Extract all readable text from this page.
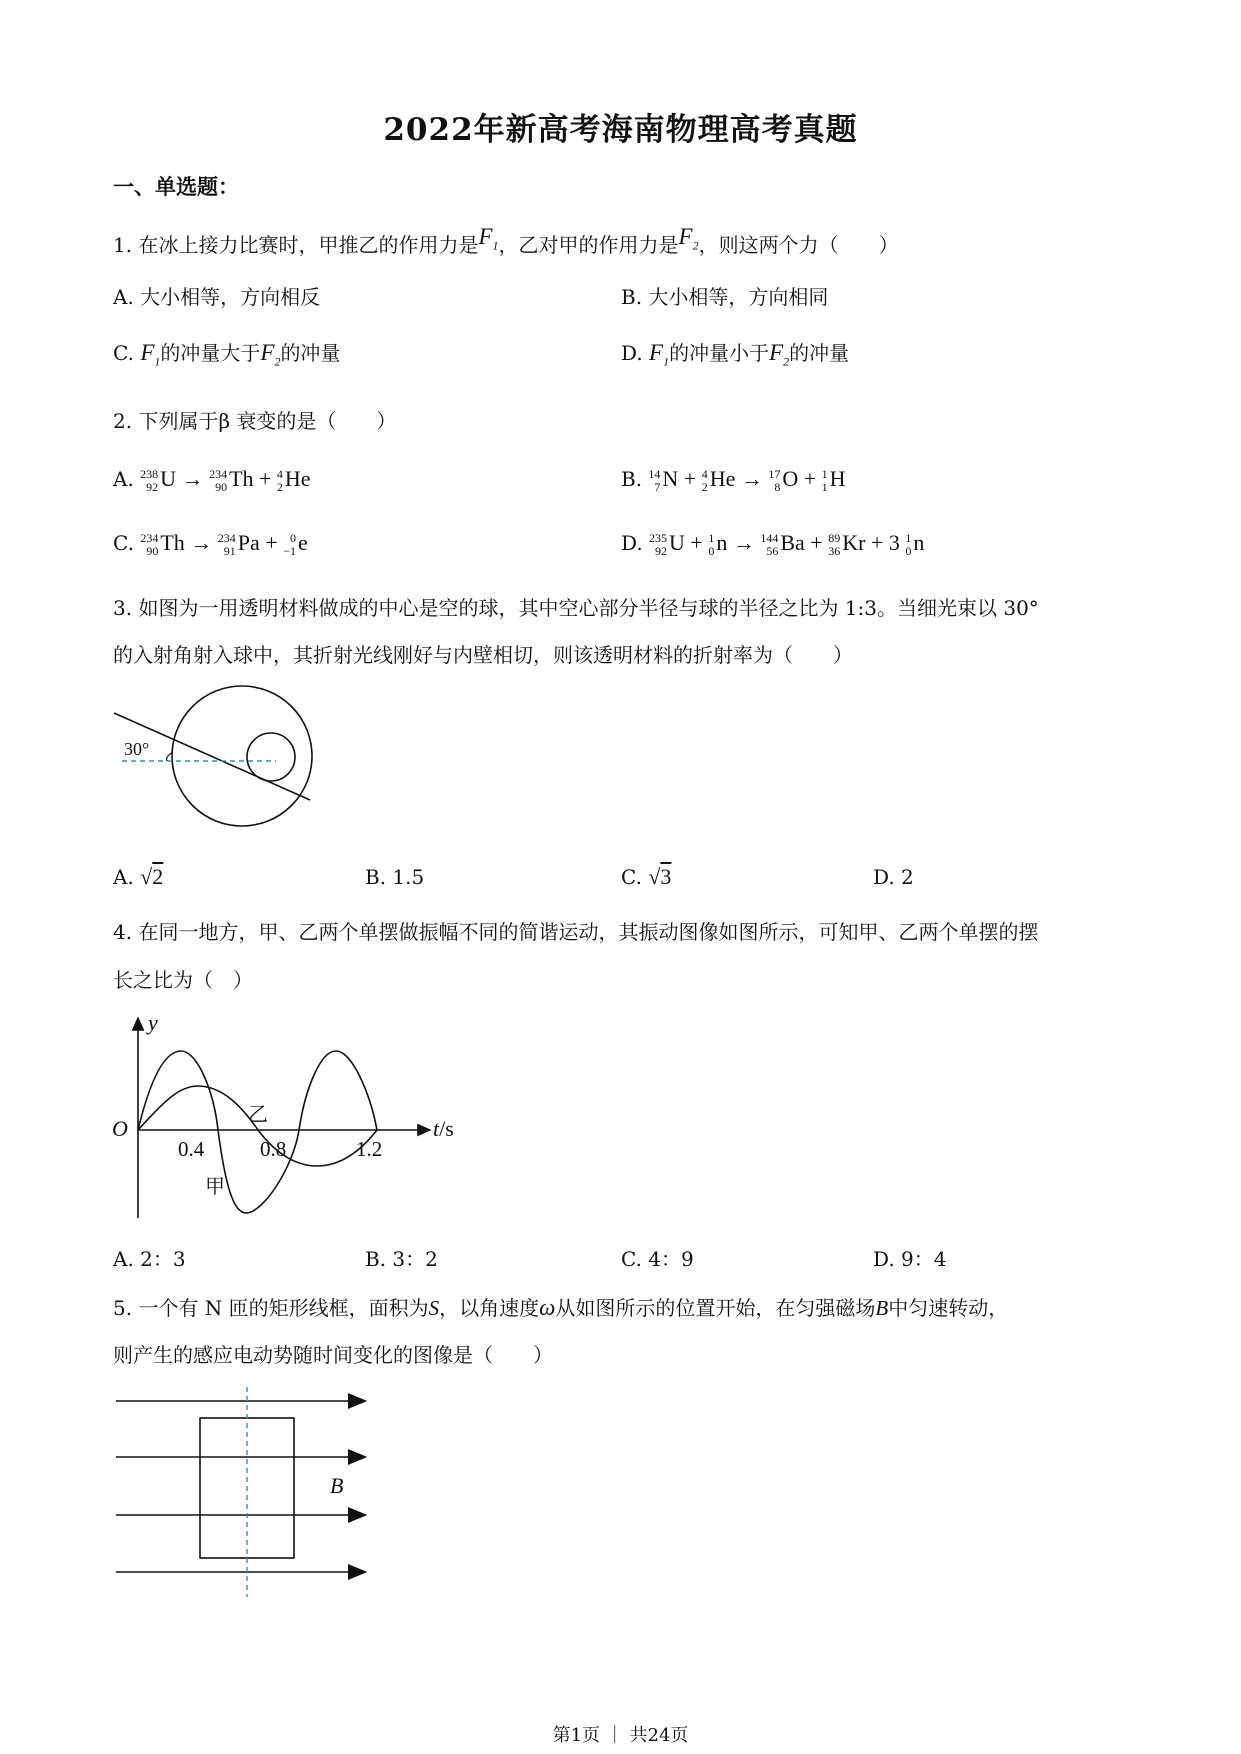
2022年新高考海南物理高考真题
一、单选题：
1. 在冰上接力比赛时，甲推乙的作用力是$F_1$，乙对甲的作用力是$F_2$，则这两个力（　　）
A. 大小相等，方向相反	B. 大小相等，方向相同
C. $F_1$的冲量大于$F_2$的冲量	D. $F_1$的冲量小于$F_2$的冲量
2. 下列属于β 衰变的是（　　）
A. 238
92 U → 234
90 Th + 4
2 He	B. 14
7 N + 4
2 He → 17
8 O + 1
1 H
C. 234
90 Th → 234
91 Pa +	0
−1 e	D. 235
92 U + 1
0 n → 144
56 Ba + 89
36 Kr + 3 1
0 n
3. 如图为一用透明材料做成的中心是空的球，其中空心部分半径与球的半径之比为 1:3。当细光束以 30°
的入射角射入球中，其折射光线刚好与内壁相切，则该透明材料的折射率为（　　）
30°
A. √2	B. 1.5	C. √3	D. 2
4. 在同一地方，甲、乙两个单摆做振幅不同的简谐运动，其振动图像如图所示，可知甲、乙两个单摆的摆
长之比为（　）
y
O
0.4	0.8	1.2
t/s
乙
甲
A. 2：3	B. 3：2	C. 4：9	D. 9：4
5. 一个有 N 匝的矩形线框，面积为S，以角速度ω从如图所示的位置开始，在匀强磁场B中匀速转动，
则产生的感应电动势随时间变化的图像是（　　）
B
第1页 ｜ 共24页
